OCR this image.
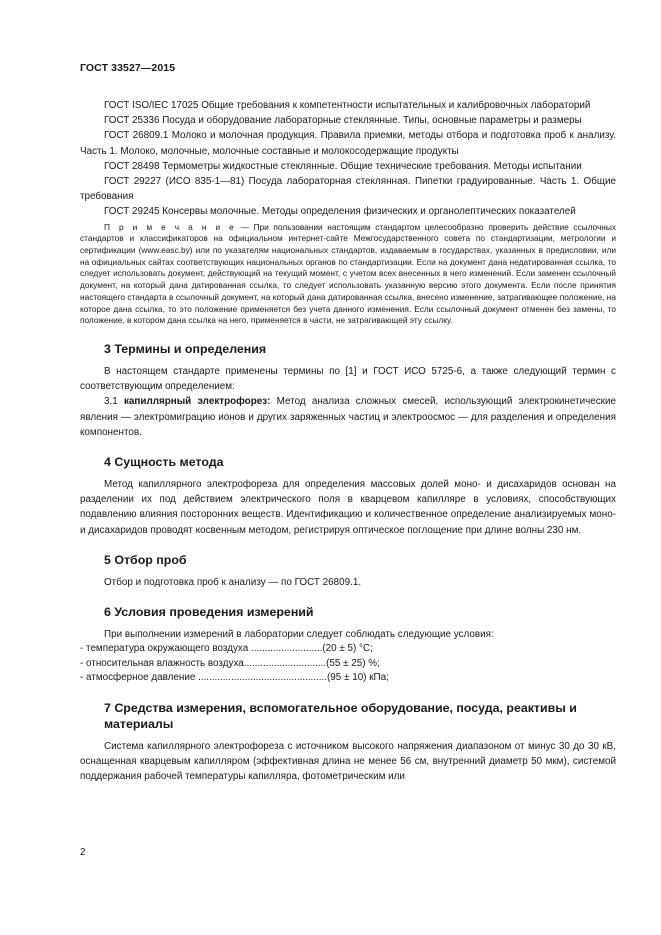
ГОСТ 33527—2015

ГОСТ ISO/IEC 17025 Общие требования к компетентности испытательных и калибровочных лабораторий

ГОСТ 25336 Посуда и оборудование лабораторные стеклянные. Типы, основные параметры и размеры

ГОСТ 26809.1 Молоко и молочная продукция. Правила приемки, методы отбора и подготовка проб к анализу. Часть 1. Молоко, молочные, молочные составные и молокосодержащие продукты

ГОСТ 28498 Термометры жидкостные стеклянные. Общие технические требования. Методы испытании

ГОСТ 29227 (ИСО 835-1—81) Посуда лабораторная стеклянная. Пипетки градуированные. Часть 1. Общие требования

ГОСТ 29245 Консервы молочные. Методы определения физических и органолептических показателей

П р и м е ч а н и е — При пользовании настоящим стандартом целесообразно проверить действие ссылочных стандартов и классификаторов на официальном интернет-сайте Межгосударственного совета по стандартизации, метрологии и сертификации (www.easc.by) или по указателям национальных стандартов, издаваемым в государствах, указанных в предисловии, или на официальных сайтах соответствующих национальных органов по стандартизации. Если на документ дана недатированная ссылка, то следует использовать документ, действующий на текущий момент, с учетом всех внесенных в него изменений. Если заменен ссылочный документ, на который дана датированная ссылка, то следует использовать указанную версию этого документа. Если после принятия настоящего стандарта в ссылочный документ, на который дана датированная ссылка, внесено изменение, затрагивающее положение, на которое дана ссылка, то это положение применяется без учета данного изменения. Если ссылочный документ отменен без замены, то положение, в котором дана ссылка на него, применяется в части, не затрагивающей эту ссылку.

3 Термины и определения

В настоящем стандарте применены термины по [1] и ГОСТ ИСО 5725-6, а также следующий термин с соответствующим определением:

3.1 капиллярный электрофорез: Метод анализа сложных смесей, использующий электрокинетические явления — электромиграцию ионов и других заряженных частиц и электроосмос — для разделения и определения компонентов.

4 Сущность метода

Метод капиллярного электрофореза для определения массовых долей моно- и дисахаридов основан на разделении их под действием электрического поля в кварцевом капилляре в условиях, способствующих подавлению влияния посторонних веществ. Идентификацию и количественное определение анализируемых моно- и дисахаридов проводят косвенным методом, регистрируя оптическое поглощение при длине волны 230 нм.

5 Отбор проб

Отбор и подготовка проб к анализу — по ГОСТ 26809.1.

6 Условия проведения измерений

При выполнении измерений в лаборатории следует соблюдать следующие условия:

- температура окружающего воздуха ..........................(20 ± 5) °С;
- относительная влажность воздуха..............................(55 ± 25) %;
- атмосферное давление ...............................................(95 ± 10) кПа;
7 Средства измерения, вспомогательное оборудование, посуда, реактивы и материалы

Система капиллярного электрофореза с источником высокого напряжения диапазоном от минус 30 до 30 кВ, оснащенная кварцевым капилляром (эффективная длина не менее 56 см, внутренний диаметр 50 мкм), системой поддержания рабочей температуры капилляра, фотометрическим или

2
